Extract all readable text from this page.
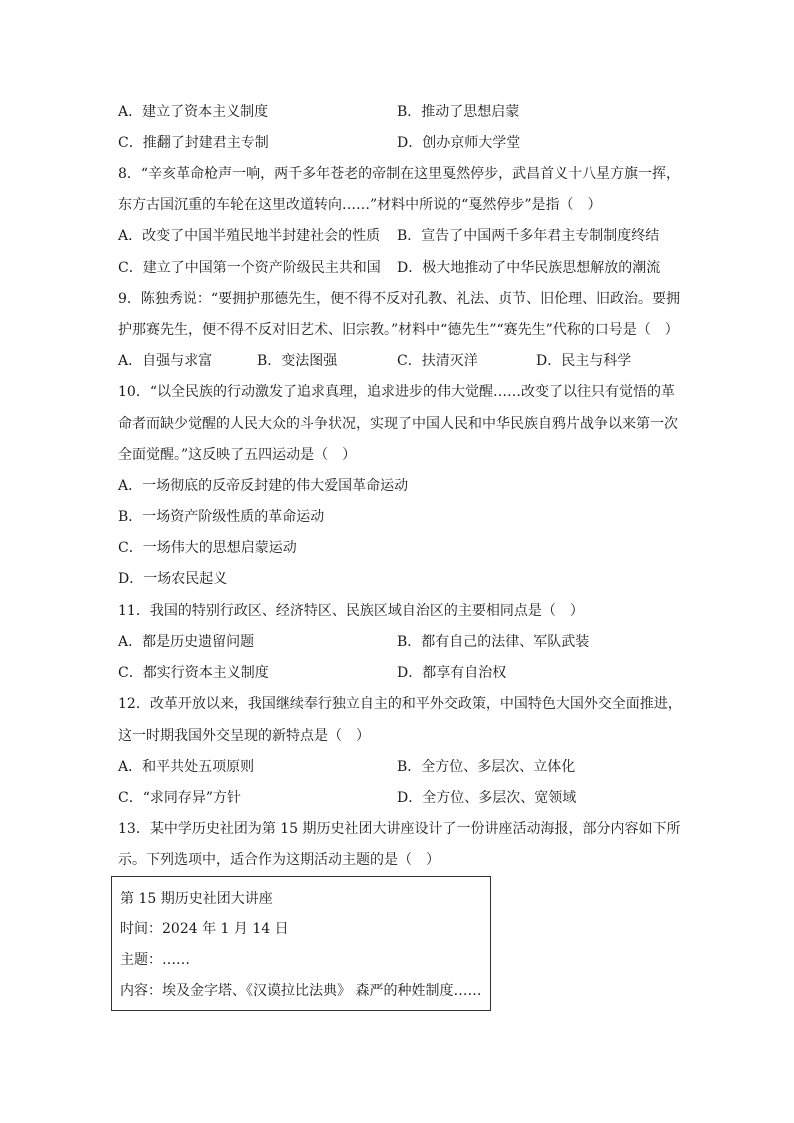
A．建立了资本主义制度	B．推动了思想启蒙
C．推翻了封建君主专制	D．创办京师大学堂
8．“辛亥革命枪声一响，两千多年苍老的帝制在这里戛然停步，武昌首义十八星方旗一挥，
东方古国沉重的车轮在这里改道转向……”材料中所说的“戛然停步”是指（　）
A．改变了中国半殖民地半封建社会的性质 B．宣告了中国两千多年君主专制制度终结
C．建立了中国第一个资产阶级民主共和国 D．极大地推动了中华民族思想解放的潮流
9．陈独秀说：“要拥护那德先生，便不得不反对孔教、礼法、贞节、旧伦理、旧政治。要拥
护那赛先生，便不得不反对旧艺术、旧宗教。”材料中“德先生”“赛先生”代称的口号是（　）
A．自强与求富	B．变法图强	C．扶清灭洋	D．民主与科学
10．“以全民族的行动激发了追求真理，追求进步的伟大觉醒……改变了以往只有觉悟的革
命者而缺少觉醒的人民大众的斗争状况，实现了中国人民和中华民族自鸦片战争以来第一次
全面觉醒。”这反映了五四运动是（　）
A．一场彻底的反帝反封建的伟大爱国革命运动
B．一场资产阶级性质的革命运动
C．一场伟大的思想启蒙运动
D．一场农民起义
11．我国的特别行政区、经济特区、民族区域自治区的主要相同点是（　）
A．都是历史遗留问题	B．都有自己的法律、军队武装
C．都实行资本主义制度	D．都享有自治权
12．改革开放以来，我国继续奉行独立自主的和平外交政策，中国特色大国外交全面推进，
这一时期我国外交呈现的新特点是（　）
A．和平共处五项原则	B．全方位、多层次、立体化
C．“求同存异”方针	D．全方位、多层次、宽领域
13．某中学历史社团为第 15 期历史社团大讲座设计了一份讲座活动海报，部分内容如下所
示。下列选项中，适合作为这期活动主题的是（　）
第 15 期历史社团大讲座
时间：2024 年 1 月 14 日
主题：……
内容：埃及金字塔、《汉谟拉比法典》 森严的种姓制度……
